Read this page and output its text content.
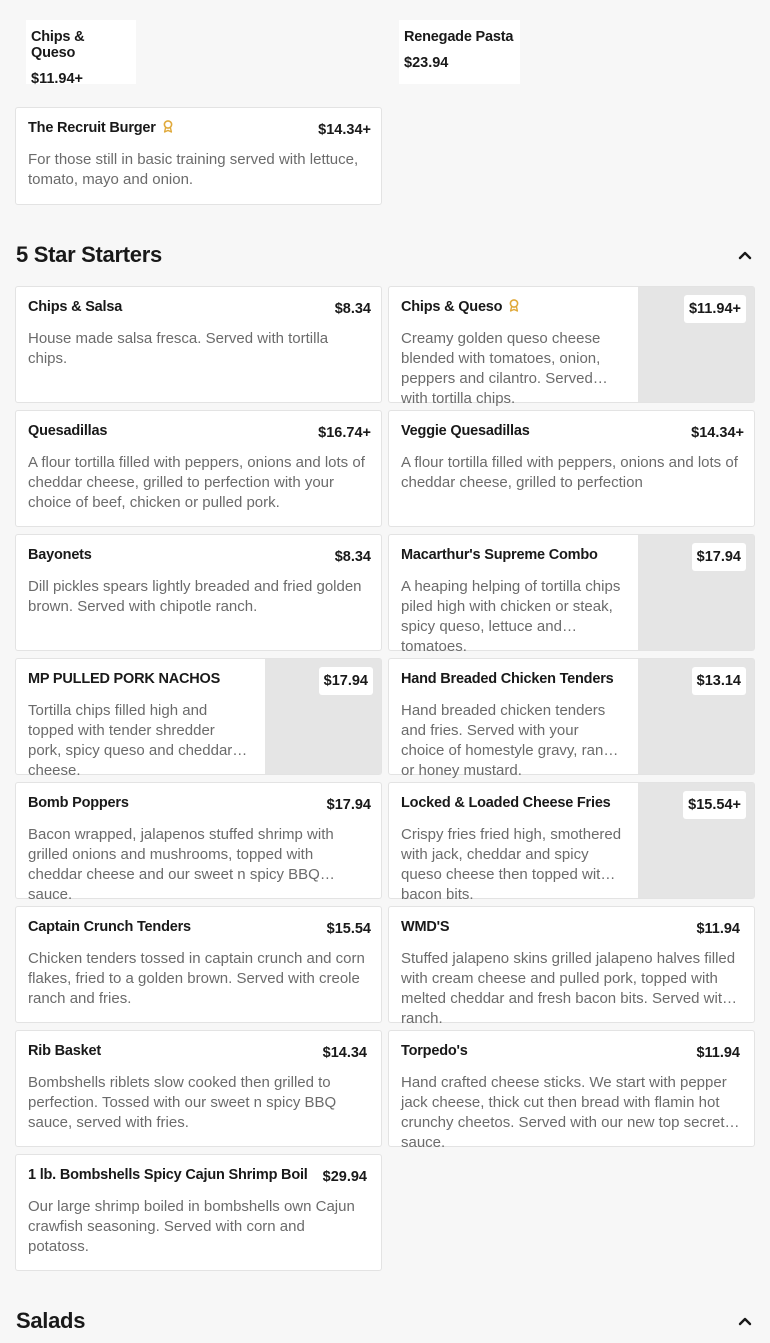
Chips & Queso
$11.94+
Renegade Pasta
$23.94
The Recruit Burger	$14.34+
For those still in basic training served with lettuce, tomato, mayo and onion.
5 Star Starters
Chips & Salsa	$8.34
House made salsa fresca. Served with tortilla chips.
Chips & Queso	$11.94+
Creamy golden queso cheese blended with tomatoes, onion, peppers and cilantro. Served with tortilla chips.
Quesadillas	$16.74+
A flour tortilla filled with peppers, onions and lots of cheddar cheese, grilled to perfection with your choice of beef, chicken or pulled pork.
Veggie Quesadillas	$14.34+
A flour tortilla filled with peppers, onions and lots of cheddar cheese, grilled to perfection
Bayonets	$8.34
Dill pickles spears lightly breaded and fried golden brown. Served with chipotle ranch.
Macarthur's Supreme Combo	$17.94
A heaping helping of tortilla chips piled high with chicken or steak, spicy queso, lettuce and tomatoes.
MP PULLED PORK NACHOS	$17.94
Tortilla chips filled high and topped with tender shredder pork, spicy queso and cheddar cheese.
Hand Breaded Chicken Tenders	$13.14
Hand breaded chicken tenders and fries. Served with your choice of homestyle gravy, ranch or honey mustard.
Bomb Poppers	$17.94
Bacon wrapped, jalapenos stuffed shrimp with grilled onions and mushrooms, topped with cheddar cheese and our sweet n spicy BBQ sauce.
Locked & Loaded Cheese Fries	$15.54+
Crispy fries fried high, smothered with jack, cheddar and spicy queso cheese then topped with bacon bits.
Captain Crunch Tenders	$15.54
Chicken tenders tossed in captain crunch and corn flakes, fried to a golden brown. Served with creole ranch and fries.
WMD'S	$11.94
Stuffed jalapeno skins grilled jalapeno halves filled with cream cheese and pulled pork, topped with melted cheddar and fresh bacon bits. Served with ranch.
Rib Basket	$14.34
Bombshells riblets slow cooked then grilled to perfection. Tossed with our sweet n spicy BBQ sauce, served with fries.
Torpedo's	$11.94
Hand crafted cheese sticks. We start with pepper jack cheese, thick cut then bread with flamin hot crunchy cheetos. Served with our new top secret sauce.
1 lb. Bombshells Spicy Cajun Shrimp Boil $29.94
Our large shrimp boiled in bombshells own Cajun crawfish seasoning. Served with corn and potatoss.
Salads
